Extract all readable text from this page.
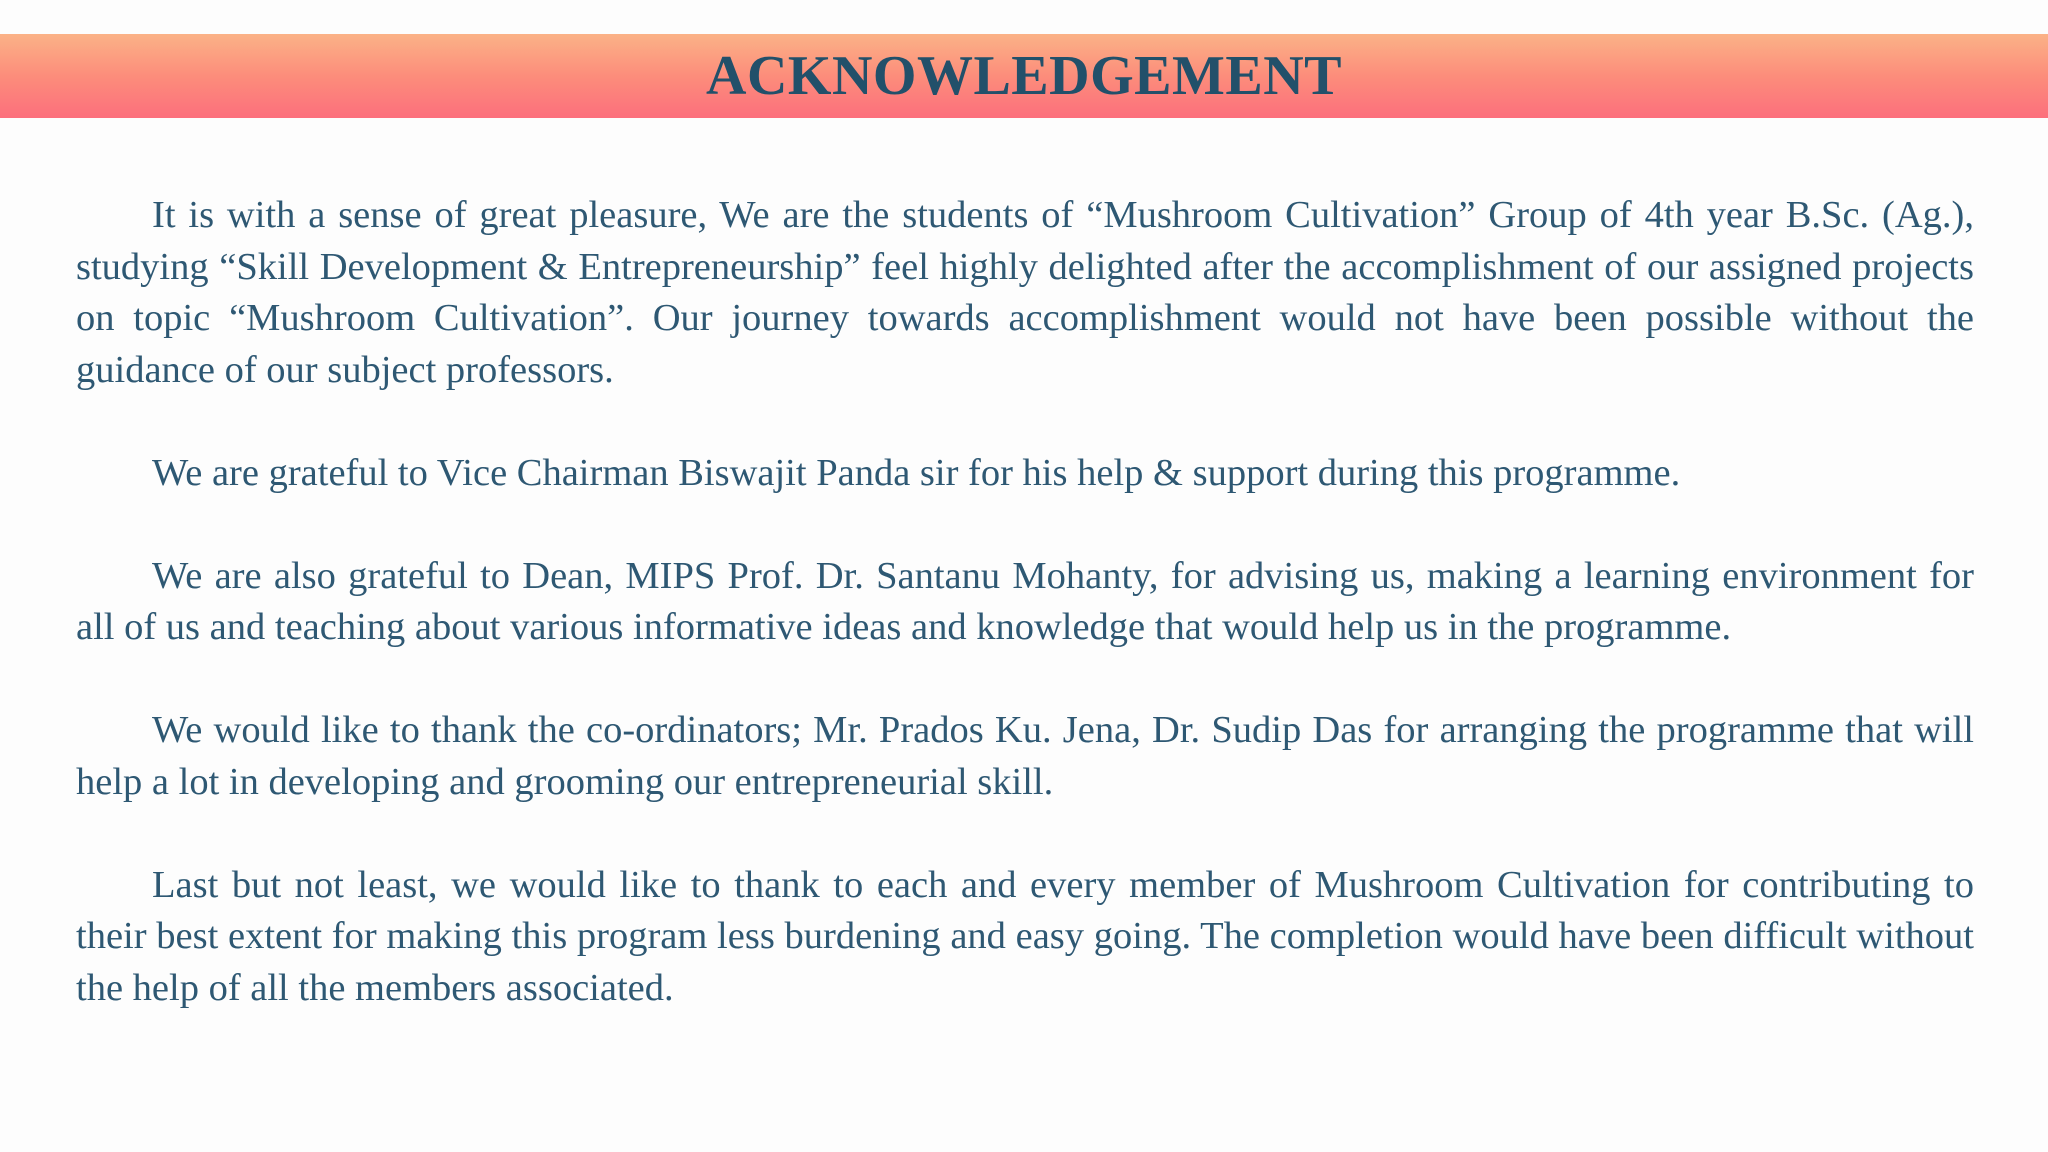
ACKNOWLEDGEMENT

It is with a sense of great pleasure, We are the students of “Mushroom Cultivation” Group of 4th year B.Sc. (Ag.), studying “Skill Development & Entrepreneurship” feel highly delighted after the accomplishment of our assigned projects on topic “Mushroom Cultivation”. Our journey towards accomplishment would not have been possible without the guidance of our subject professors.

We are grateful to Vice Chairman Biswajit Panda sir for his help & support during this programme.

We are also grateful to Dean, MIPS Prof. Dr. Santanu Mohanty, for advising us, making a learning environment for all of us and teaching about various informative ideas and knowledge that would help us in the programme.

We would like to thank the co-ordinators; Mr. Prados Ku. Jena, Dr. Sudip Das for arranging the programme that will help a lot in developing and grooming our entrepreneurial skill.

Last but not least, we would like to thank to each and every member of Mushroom Cultivation for contributing to their best extent for making this program less burdening and easy going. The completion would have been difficult without the help of all the members associated.
